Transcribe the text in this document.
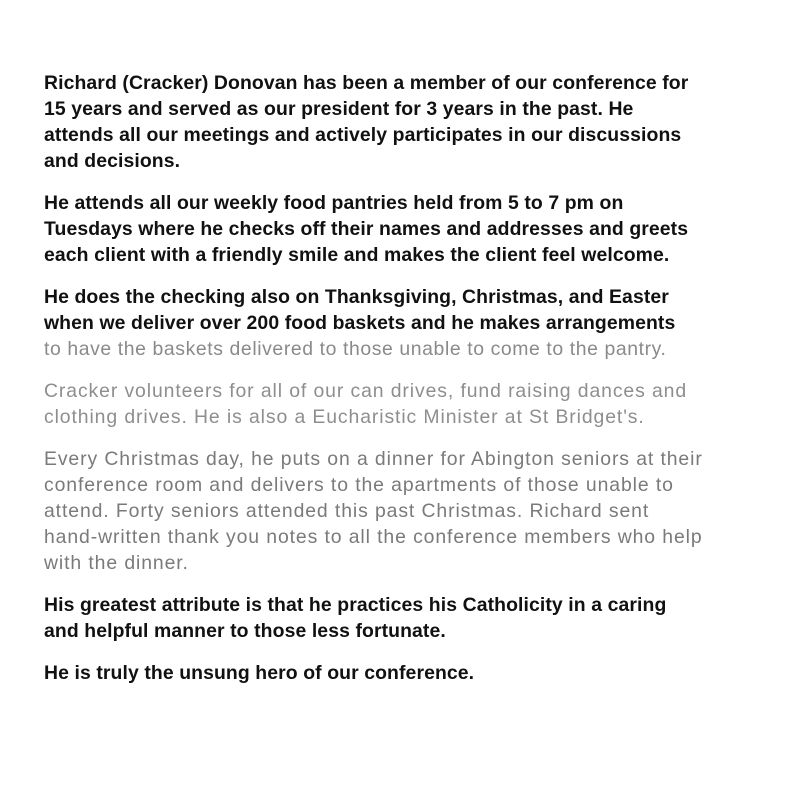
Richard (Cracker) Donovan has been a member of our conference for
15 years and served as our president for 3 years in the past. He
attends all our meetings and actively participates in our discussions
and decisions.

He attends all our weekly food pantries held from 5 to 7 pm on
Tuesdays where he checks off their names and addresses and greets
each client with a friendly smile and makes the client feel welcome.

He does the checking also on Thanksgiving, Christmas, and Easter
when we deliver over 200 food baskets and he makes arrangements
to have the baskets delivered to those unable to come to the pantry.

Cracker volunteers for all of our can drives, fund raising dances and
clothing drives. He is also a Eucharistic Minister at St Bridget's.

Every Christmas day, he puts on a dinner for Abington seniors at their
conference room and delivers to the apartments of those unable to
attend. Forty seniors attended this past Christmas. Richard sent
hand-written thank you notes to all the conference members who help
with the dinner.

His greatest attribute is that he practices his Catholicity in a caring
and helpful manner to those less fortunate.

He is truly the unsung hero of our conference.
